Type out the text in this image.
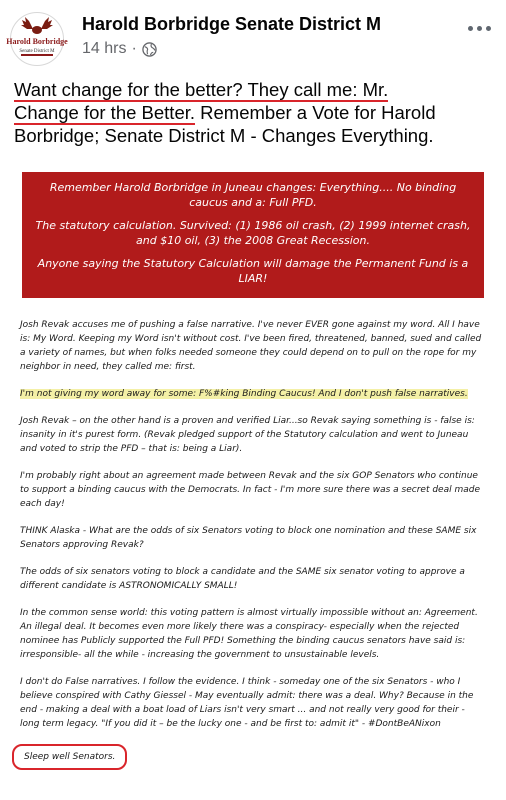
Harold Borbridge
Senate District M
Harold Borbridge Senate District M
14 hrs ·
Want change for the better? They call me: Mr.
Change for the Better. Remember a Vote for Harold
Borbridge; Senate District M - Changes Everything.

Remember Harold Borbridge in Juneau changes: Everything.... No binding caucus and a: Full PFD.

The statutory calculation. Survived: (1) 1986 oil crash, (2) 1999 internet crash, and $10 oil, (3) the 2008 Great Recession.

Anyone saying the Statutory Calculation will damage the Permanent Fund is a LIAR!

Josh Revak accuses me of pushing a false narrative. I've never EVER gone against my word. All I have is: My Word. Keeping my Word isn't without cost. I've been fired, threatened, banned, sued and called a variety of names, but when folks needed someone they could depend on to pull on the rope for my neighbor in need, they called me: first.

I'm not giving my word away for some: F%#king Binding Caucus! And I don't push false narratives.

Josh Revak – on the other hand is a proven and verified Liar...so Revak saying something is - false is: insanity in it's purest form. (Revak pledged support of the Statutory calculation and went to Juneau and voted to strip the PFD – that is: being a Liar).

I'm probably right about an agreement made between Revak and the six GOP Senators who continue to support a binding caucus with the Democrats. In fact - I'm more sure there was a secret deal made each day!

THINK Alaska - What are the odds of six Senators voting to block one nomination and these SAME six Senators approving Revak?

The odds of six senators voting to block a candidate and the SAME six senator voting to approve a different candidate is ASTRONOMICALLY SMALL!

In the common sense world: this voting pattern is almost virtually impossible without an: Agreement. An illegal deal. It becomes even more likely there was a conspiracy- especially when the rejected nominee has Publicly supported the Full PFD! Something the binding caucus senators have said is: irresponsible- all the while - increasing the government to unsustainable levels.

I don't do False narratives. I follow the evidence. I think - someday one of the six Senators - who I believe conspired with Cathy Giessel - May eventually admit: there was a deal. Why? Because in the end - making a deal with a boat load of Liars isn't very smart ... and not really very good for their - long term legacy. "If you did it – be the lucky one - and be first to: admit it" - #DontBeANixon

Sleep well Senators.
